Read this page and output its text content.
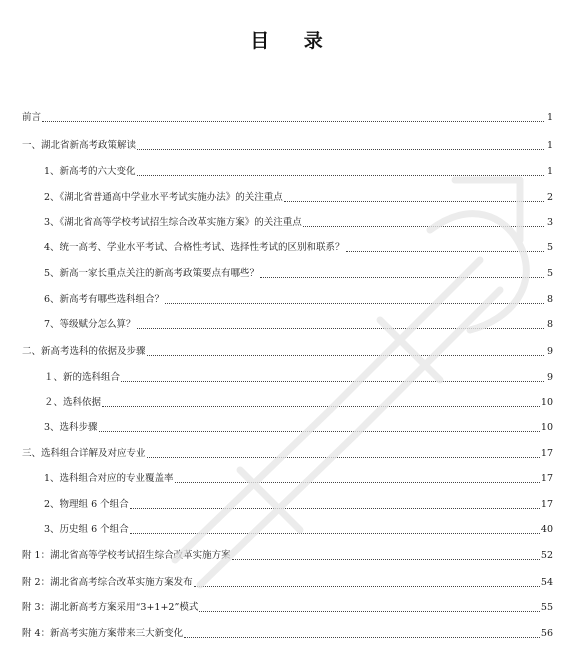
目 录
前言	1
一、湖北省新高考政策解读	1
1、新高考的六大变化	1
2、《湖北省普通高中学业水平考试实施办法》的关注重点	2
3、《湖北省高等学校考试招生综合改革实施方案》的关注重点	3
4、统一高考、学业水平考试、合格性考试、选择性考试的区别和联系？	5
5、新高一家长重点关注的新高考政策要点有哪些？	5
6、新高考有哪些选科组合？	8
7、等级赋分怎么算？	8
二、新高考选科的依据及步骤	9
１、新的选科组合	9
２、选科依据	10
3、选科步骤	10
三、选科组合详解及对应专业	17
1、选科组合对应的专业覆盖率	17
2、物理组 6 个组合	17
3、历史组 6 个组合	40
附 1：湖北省高等学校考试招生综合改革实施方案	52
附 2：湖北省高考综合改革实施方案发布	54
附 3：湖北新高考方案采用“3+1+2”模式	55
附 4：新高考实施方案带来三大新变化	56
